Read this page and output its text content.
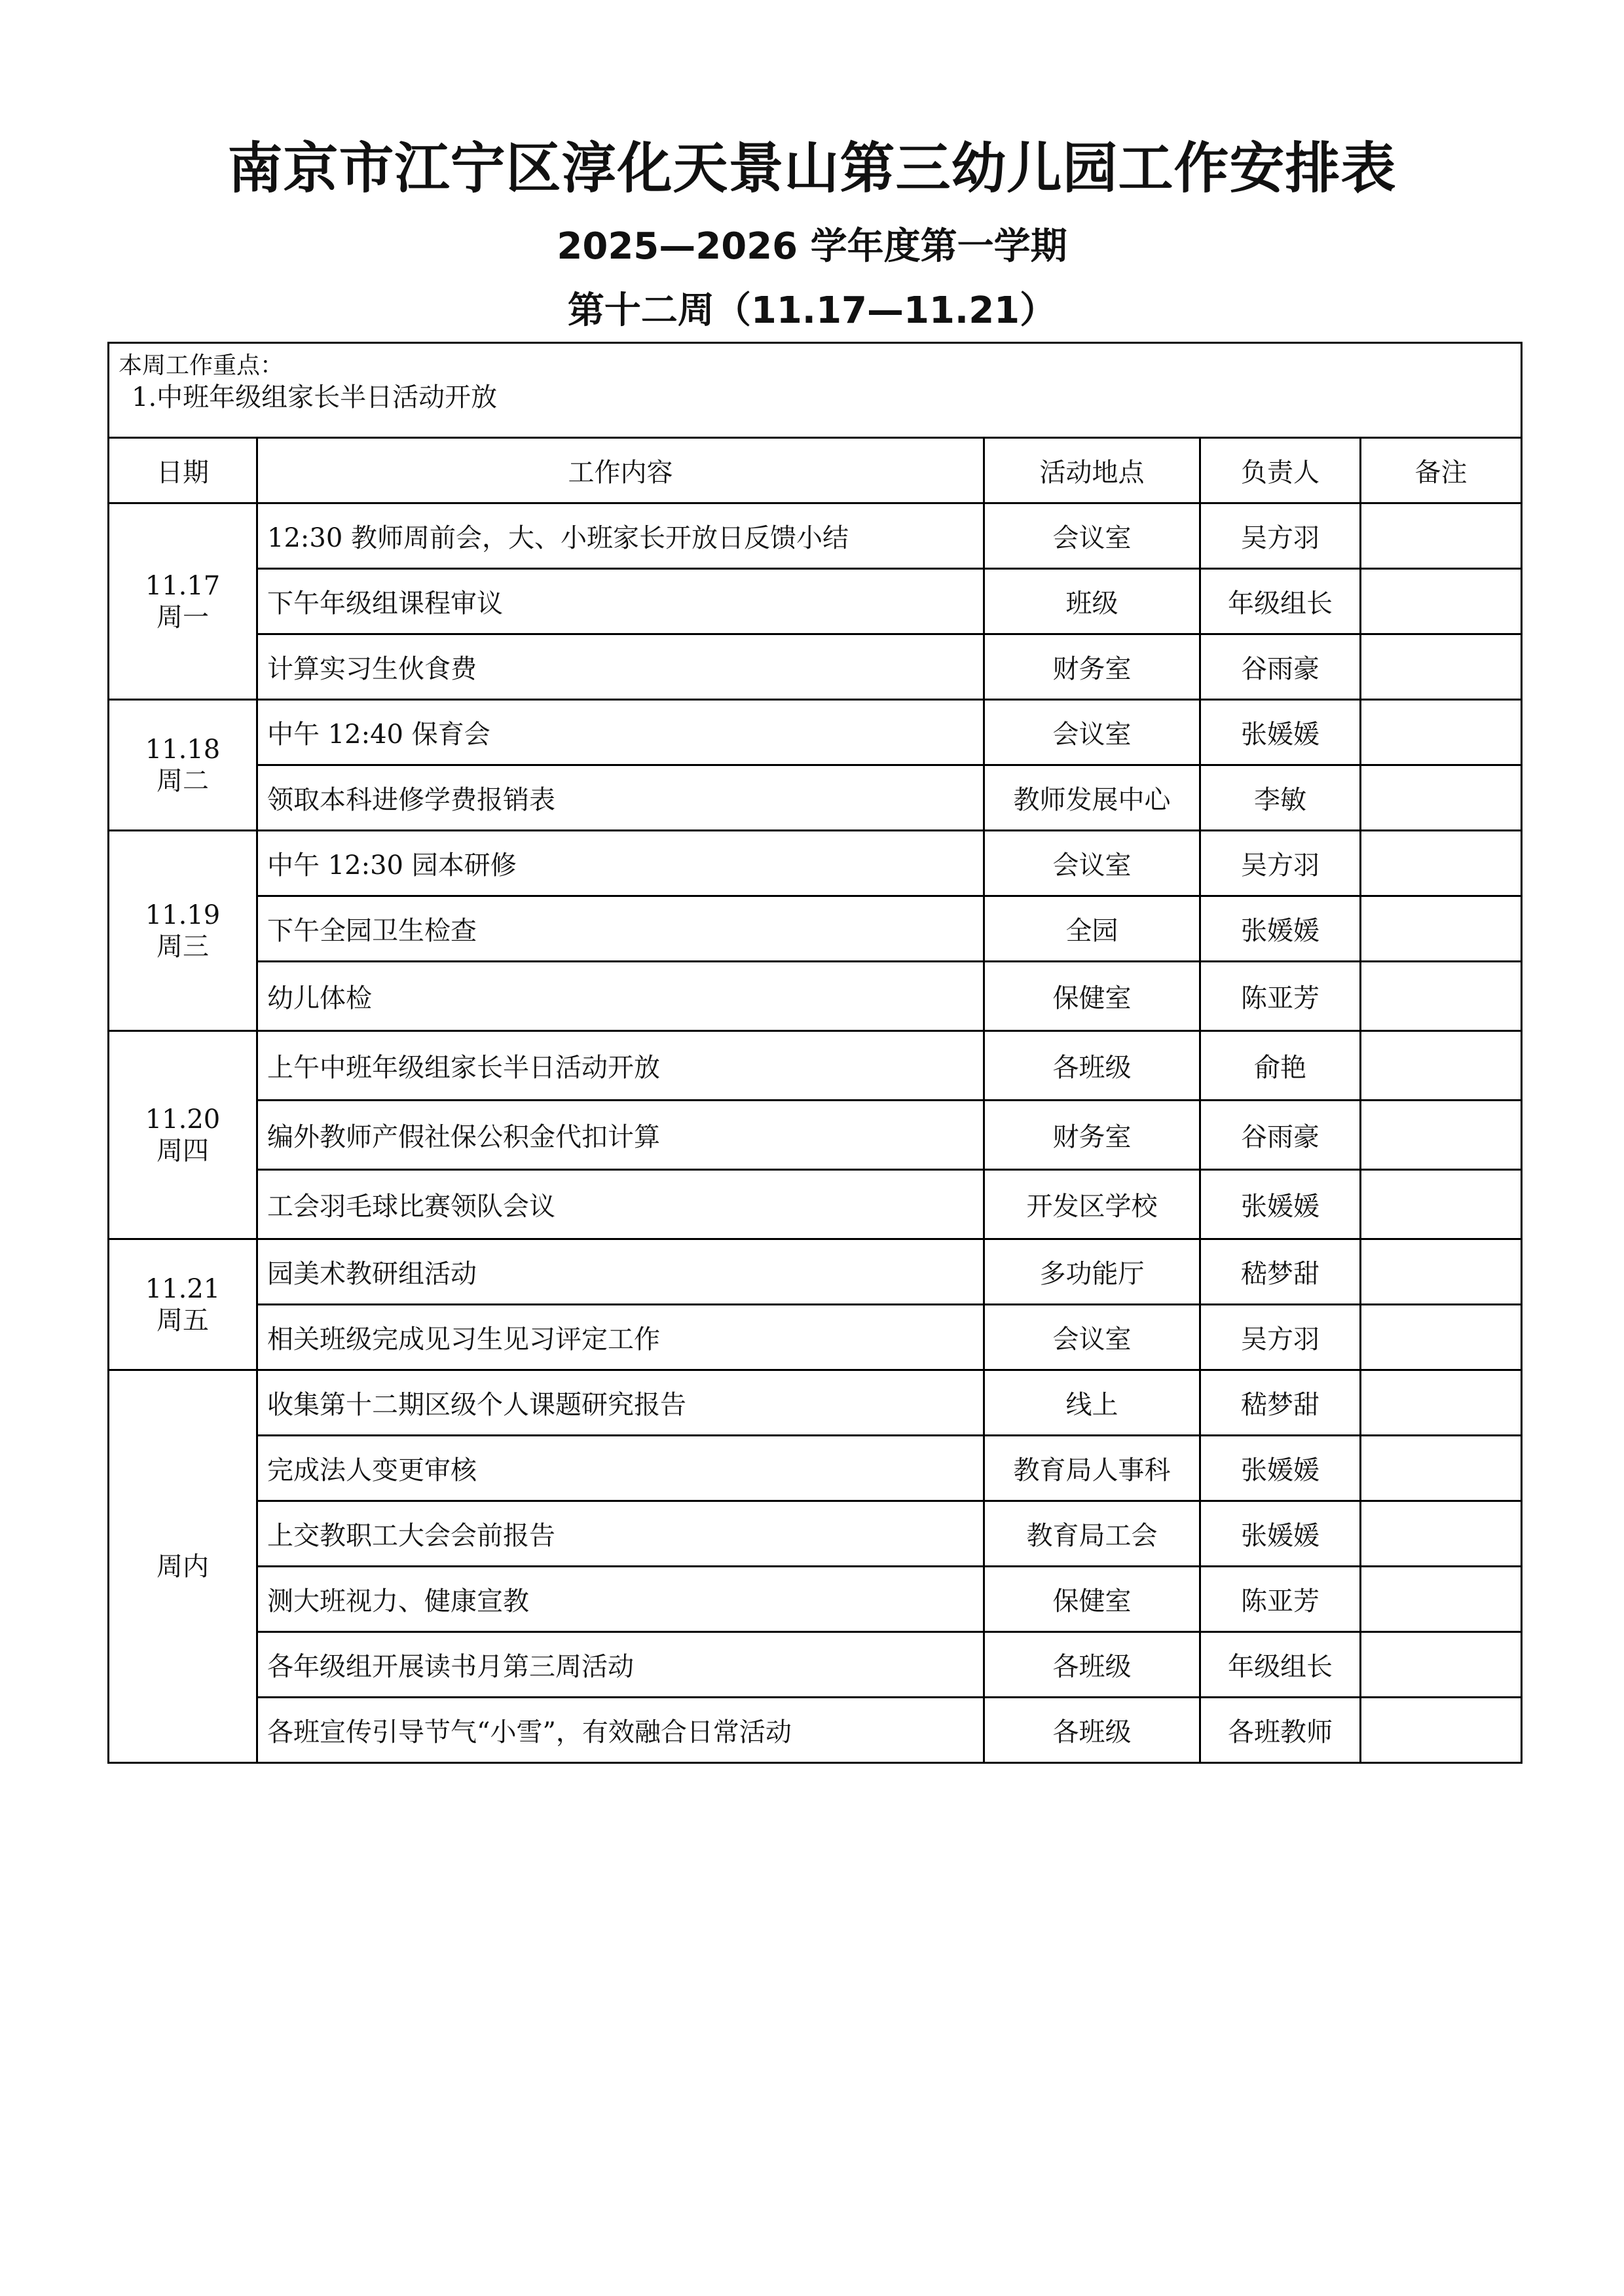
南京市江宁区淳化天景山第三幼儿园工作安排表
2025—2026 学年度第一学期
第十二周（11.17—11.21）
本周工作重点：
1.中班年级组家长半日活动开放				

日期	工作内容	活动地点	负责人	备注

11.17
周一	12:30 教师周前会，大、小班家长开放日反馈小结	会议室	吴方羽	
	下午年级组课程审议	班级	年级组长	
	计算实习生伙食费	财务室	谷雨豪	

11.18
周二	中午 12:40 保育会	会议室	张媛媛	
	领取本科进修学费报销表	教师发展中心	李敏	

11.19
周三	中午 12:30 园本研修	会议室	吴方羽	
	下午全园卫生检查	全园	张媛媛	
	幼儿体检	保健室	陈亚芳	

11.20
周四	上午中班年级组家长半日活动开放	各班级	俞艳	
	编外教师产假社保公积金代扣计算	财务室	谷雨豪	
	工会羽毛球比赛领队会议	开发区学校	张媛媛	

11.21
周五	园美术教研组活动	多功能厅	嵇梦甜	
	相关班级完成见习生见习评定工作	会议室	吴方羽	

周内	收集第十二期区级个人课题研究报告	线上	嵇梦甜	
	完成法人变更审核	教育局人事科	张媛媛	
	上交教职工大会会前报告	教育局工会	张媛媛	
	测大班视力、健康宣教	保健室	陈亚芳	
	各年级组开展读书月第三周活动	各班级	年级组长	
	各班宣传引导节气“小雪”，有效融合日常活动	各班级	各班教师	
